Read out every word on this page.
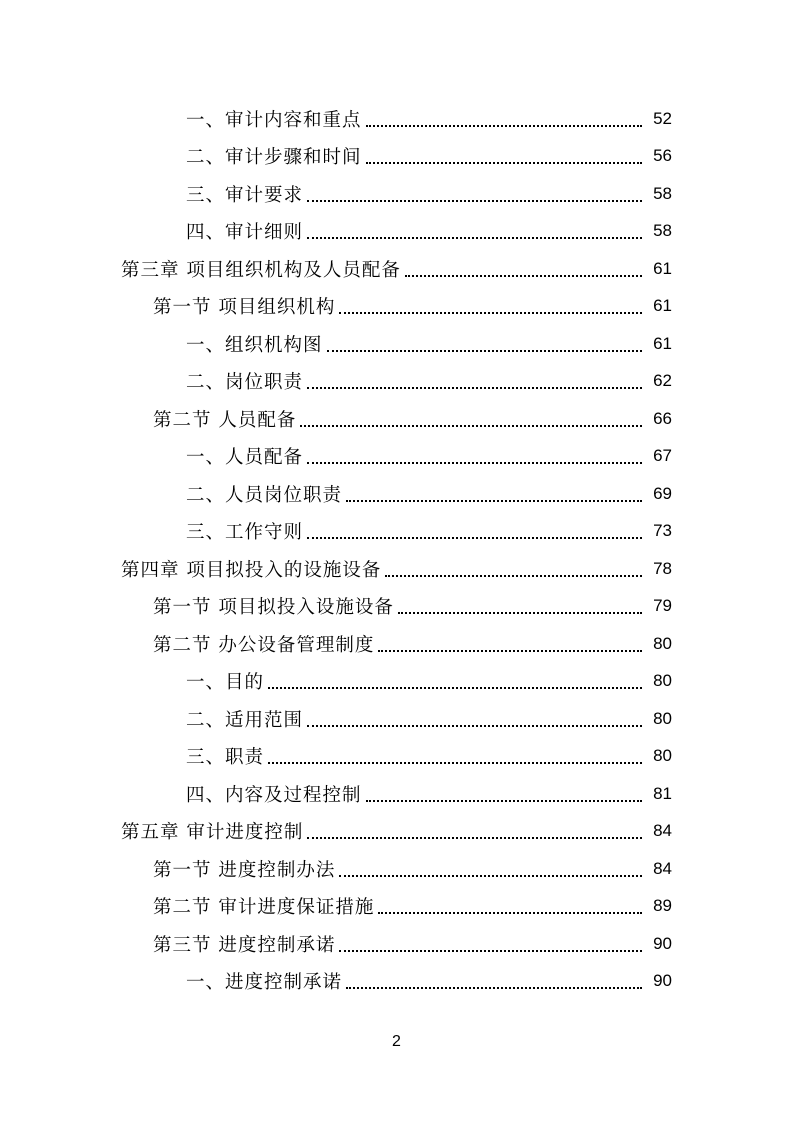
一、审计内容和重点	52
二、审计步骤和时间	56
三、审计要求	58
四、审计细则	58
第三章 项目组织机构及人员配备	61
第一节 项目组织机构	61
一、组织机构图	61
二、岗位职责	62
第二节 人员配备	66
一、人员配备	67
二、人员岗位职责	69
三、工作守则	73
第四章 项目拟投入的设施设备	78
第一节 项目拟投入设施设备	79
第二节 办公设备管理制度	80
一、目的	80
二、适用范围	80
三、职责	80
四、内容及过程控制	81
第五章 审计进度控制	84
第一节 进度控制办法	84
第二节 审计进度保证措施	89
第三节 进度控制承诺	90
一、进度控制承诺	90
2
